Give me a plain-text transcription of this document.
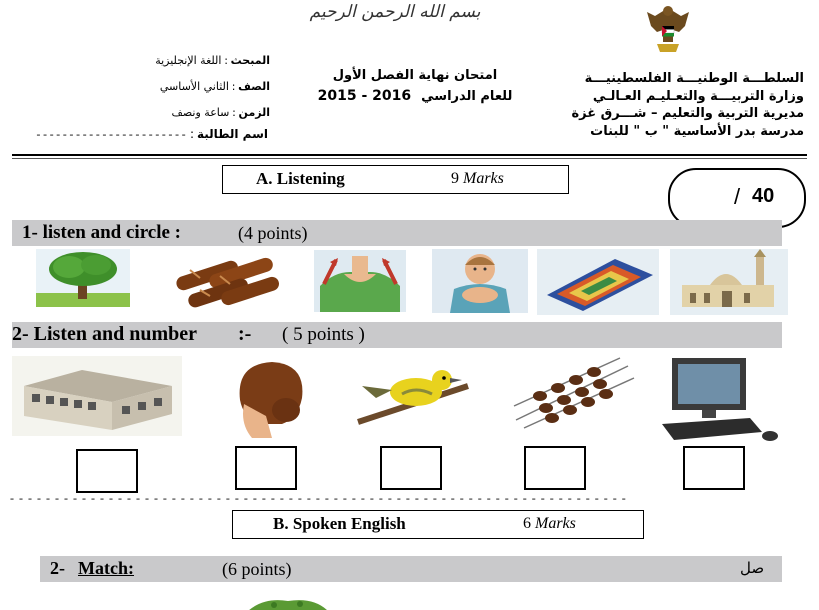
بسم الله الرحمن الرحيم
السلطـــة الوطنيـــة الفلسطينيـــة
وزارة التربيـــة والتعـليـم العـالـي
مديرية التربية والتعليم – شـــرق غزة
مدرسة بدر الأساسية " ب " للبنات
امتحان نهاية الفصل الأول
للعام الدراسي 2015 - 2016
المبحث : اللغة الإنجليزية
الصف : الثاني الأساسي
الزمن : ساعة ونصف
اسم الطالبة : -----------------------
A. Listening	9 Marks
/ 40
1- listen and circle :	(4 points)
2- Listen and number :- ( 5 points )
- - - - - - - - - - - - - - - - - - - - - - - - - - - - - - - - - - - - - - - - - - - - - - - - - - - - - - - - - - - - - - - - - - - - -
B. Spoken English	6 Marks
2- Match:	(6 points)	صل
